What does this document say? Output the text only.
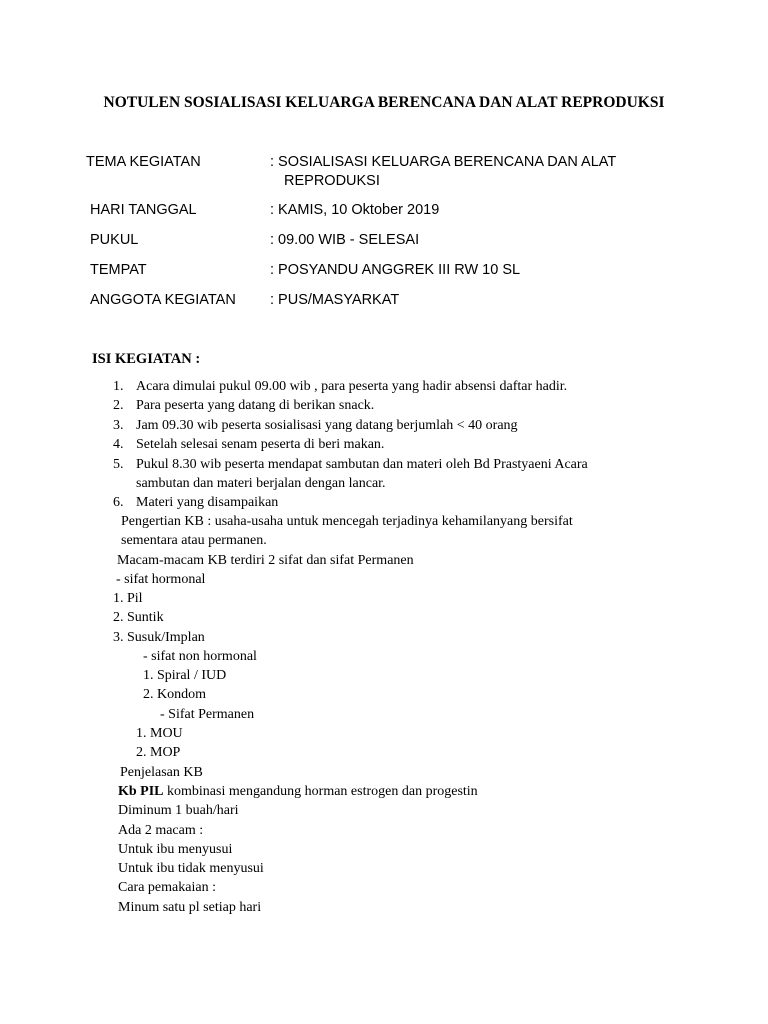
NOTULEN SOSIALISASI KELUARGA BERENCANA DAN ALAT REPRODUKSI
TEMA KEGIATAN	: SOSIALISASI KELUARGA BERENCANA DAN ALAT
REPRODUKSI
HARI TANGGAL	: KAMIS, 10 Oktober 2019
PUKUL	: 09.00 WIB - SELESAI
TEMPAT	: POSYANDU ANGGREK III RW 10 SL
ANGGOTA KEGIATAN : PUS/MASYARKAT
ISI KEGIATAN :
1. Acara dimulai pukul 09.00 wib , para peserta yang hadir absensi daftar hadir.
2. Para peserta yang datang di berikan snack.
3. Jam 09.30 wib peserta sosialisasi yang datang berjumlah < 40 orang
4. Setelah selesai senam peserta di beri makan.
5. Pukul 8.30 wib peserta mendapat sambutan dan materi oleh Bd Prastyaeni Acara
sambutan dan materi berjalan dengan lancar.
6. Materi yang disampaikan
Pengertian KB : usaha-usaha untuk mencegah terjadinya kehamilanyang bersifat
sementara atau permanen.
Macam-macam KB terdiri 2 sifat dan sifat Permanen
- sifat hormonal
1. Pil
2. Suntik
3. Susuk/Implan
- sifat non hormonal
1. Spiral / IUD
2. Kondom
- Sifat Permanen
1. MOU
2. MOP
Penjelasan KB
Kb PIL kombinasi mengandung horman estrogen dan progestin
Diminum 1 buah/hari
Ada 2 macam :
Untuk ibu menyusui
Untuk ibu tidak menyusui
Cara pemakaian :
Minum satu pl setiap hari
